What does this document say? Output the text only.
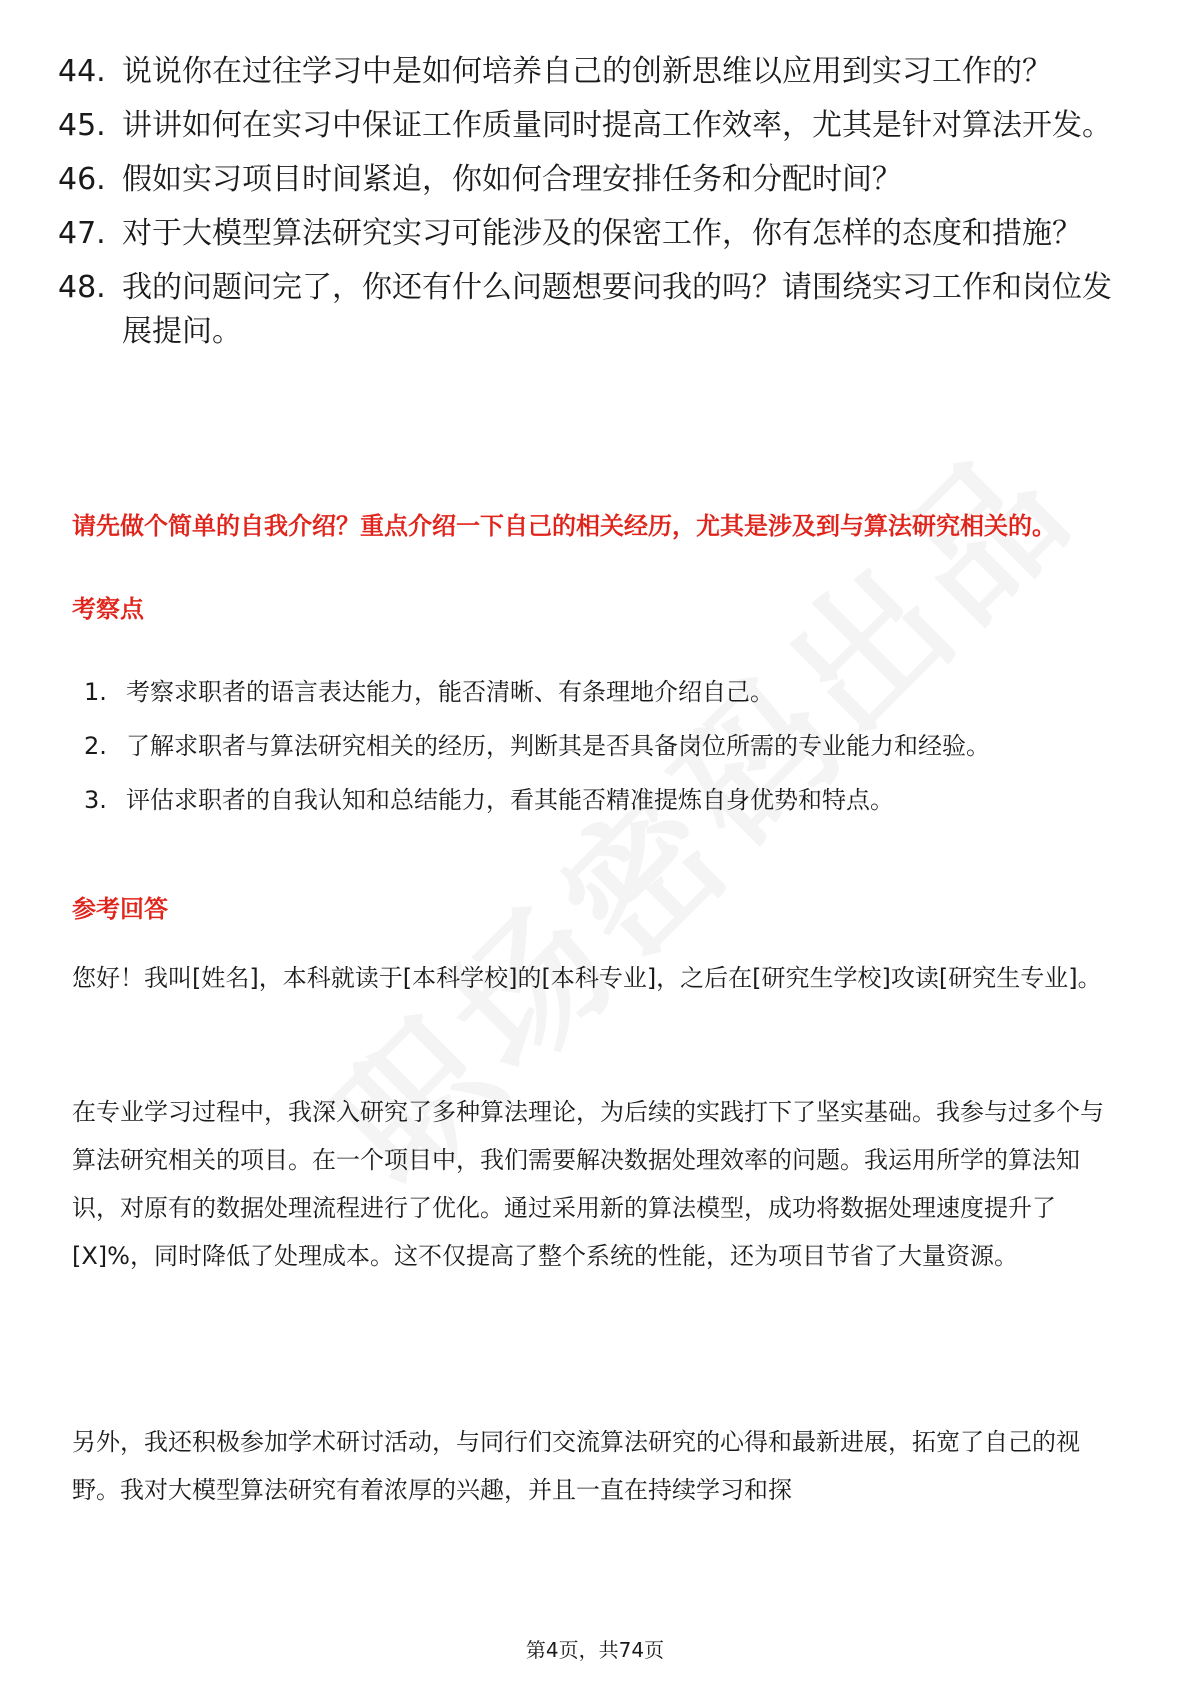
44. 说说你在过往学习中是如何培养自己的创新思维以应用到实习工作的？
45. 讲讲如何在实习中保证工作质量同时提高工作效率，尤其是针对算法开发。
46. 假如实习项目时间紧迫，你如何合理安排任务和分配时间？
47. 对于大模型算法研究实习可能涉及的保密工作，你有怎样的态度和措施？
48. 我的问题问完了，你还有什么问题想要问我的吗？请围绕实习工作和岗位发展提问。
请先做个简单的自我介绍？重点介绍一下自己的相关经历，尤其是涉及到与算法研究相关的。
考察点
1. 考察求职者的语言表达能力，能否清晰、有条理地介绍自己。
2. 了解求职者与算法研究相关的经历，判断其是否具备岗位所需的专业能力和经验。
3. 评估求职者的自我认知和总结能力，看其能否精准提炼自身优势和特点。
参考回答
您好！我叫[姓名]，本科就读于[本科学校]的[本科专业]，之后在[研究生学校]攻读[研究生专业]。
在专业学习过程中，我深入研究了多种算法理论，为后续的实践打下了坚实基础。我参与过多个与算法研究相关的项目。在一个项目中，我们需要解决数据处理效率的问题。我运用所学的算法知识，对原有的数据处理流程进行了优化。通过采用新的算法模型，成功将数据处理速度提升了[X]%，同时降低了处理成本。这不仅提高了整个系统的性能，还为项目节省了大量资源。
另外，我还积极参加学术研讨活动，与同行们交流算法研究的心得和最新进展，拓宽了自己的视野。我对大模型算法研究有着浓厚的兴趣，并且一直在持续学习和探
第4页，共74页
